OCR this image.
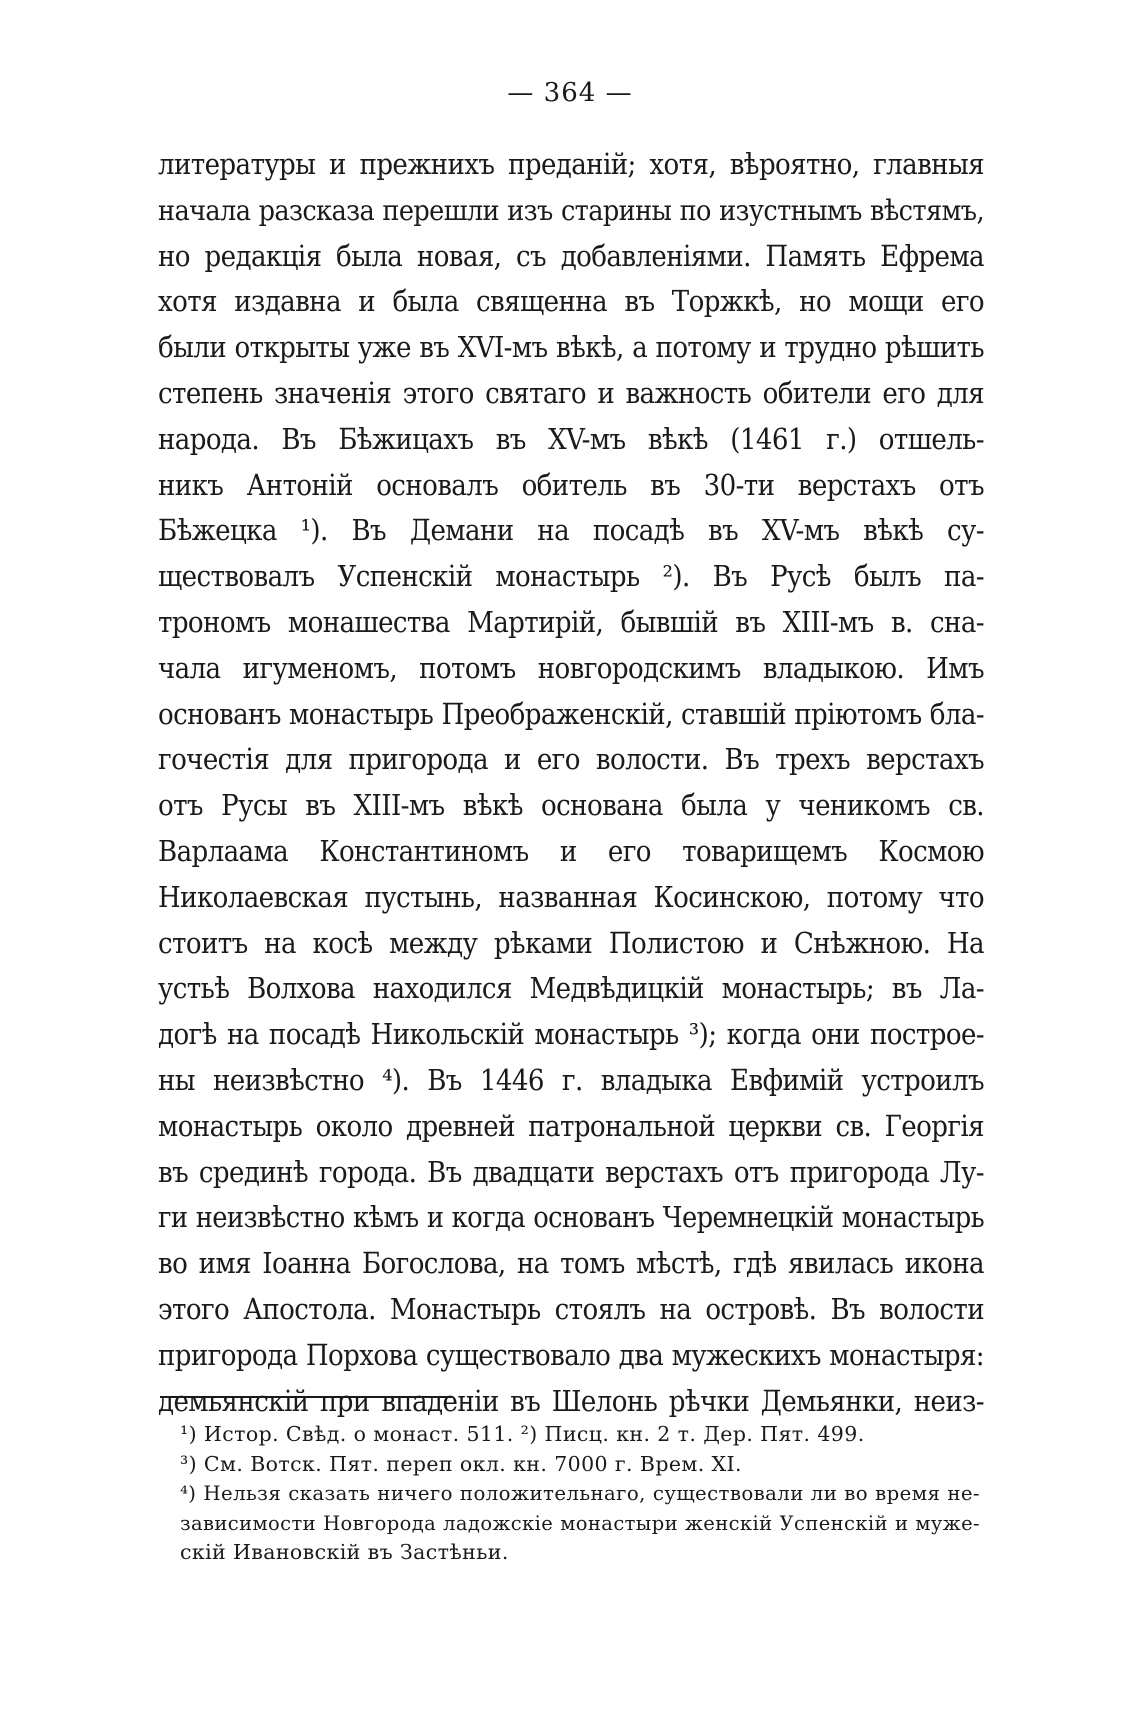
— 364 —
литературы и прежнихъ преданій; хотя, вѣроятно, главныя
начала разсказа перешли изъ старины по изустнымъ вѣстямъ,
но редакція была новая, съ добавленіями. Память Ефрема
хотя издавна и была священна въ Торжкѣ, но мощи его
были открыты уже въ XVI-мъ вѣкѣ, а потому и трудно рѣшить
степень значенія этого святаго и важность обители его для
народа. Въ Бѣжицахъ въ XV-мъ вѣкѣ (1461 г.) отшель-
никъ Антоній основалъ обитель въ 30-ти верстахъ отъ
Бѣжецка ¹). Въ Демани на посадѣ въ XV-мъ вѣкѣ су-
ществовалъ Успенскій монастырь ²). Въ Русѣ былъ па-
трономъ монашества Мартирій, бывшій въ XIII-мъ в. сна-
чала игуменомъ, потомъ новгородскимъ владыкою. Имъ
основанъ монастырь Преображенскій, ставшій пріютомъ бла-
гочестія для пригорода и его волости. Въ трехъ верстахъ
отъ Русы въ XIII-мъ вѣкѣ основана была у ченикомъ св.
Варлаама Константиномъ и его товарищемъ Космою
Николаевская пустынь, названная Косинскою, потому что
стоитъ на косѣ между рѣками Полистою и Снѣжною. На
устьѣ Волхова находился Медвѣдицкій монастырь; въ Ла-
догѣ на посадѣ Никольскій монастырь ³); когда они построе-
ны неизвѣстно ⁴). Въ 1446 г. владыка Евфимій устроилъ
монастырь около древней патрональной церкви св. Георгія
въ срединѣ города. Въ двадцати верстахъ отъ пригорода Лу-
ги неизвѣстно кѣмъ и когда основанъ Черемнецкій монастырь
во имя Іоанна Богослова, на томъ мѣстѣ, гдѣ явилась икона
этого Апостола. Монастырь стоялъ на островѣ. Въ волости
пригорода Порхова существовало два мужескихъ монастыря:
демьянскій при впаденіи въ Шелонь рѣчки Демьянки, неиз-
¹) Истор. Свѣд. о монаст. 511. ²) Писц. кн. 2 т. Дер. Пят. 499.
³) См. Вотск. Пят. переп окл. кн. 7000 г. Врем. XI.
⁴) Нельзя сказать ничего положительнаго, существовали ли во время не-
зависимости Новгорода ладожскіе монастыри женскій Успенскій и муже-
скій Ивановскій въ Застѣньи.
